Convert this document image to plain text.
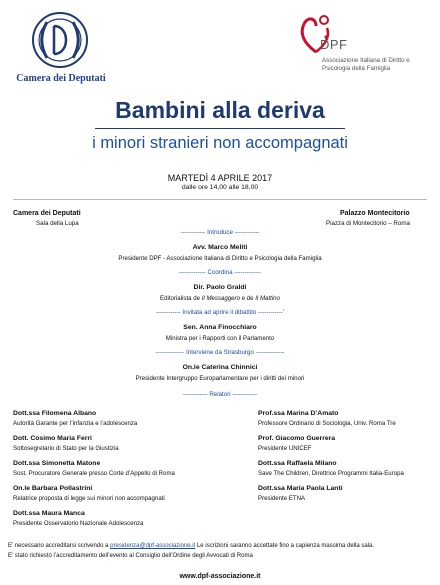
Camera dei Deputati
DPF
Associazione Italiana di Diritto e Psicologia della Famiglia
Bambini alla deriva
i minori stranieri non accompagnati
MARTEDÌ 4 APRILE 2017
dalle ore 14,00 alle 18,00
Camera dei Deputati
Sala della Lupa
Palazzo Montecitorio
Piazza di Montecitorio – Roma
------------ Introduce ------------
Avv. Marco Meliti
Presidente DPF - Associazione Italiana di Diritto e Psicologia della Famiglia
------------- Coordina -------------
Dir. Paolo Graldi
Editorialista de Il Messaggero e de Il Mattino
------------ Invitata ad aprire il dibattito ------------'
Sen. Anna Finocchiaro
Ministra per i Rapporti con il Parlamento
-------------- Interviene da Strasburgo --------------
On.le Caterina Chinnici
Presidente Intergruppo Europarlamentare per i diritti dei minori
------------ Relatori ------------
Dott.ssa Filomena Albano
Autorità Garante per l’infanzia e l’adolescenza
Dott. Cosimo Maria Ferri
Sottosegretario di Stato per la Giustizia
Dott.ssa Simonetta Matone
Sost. Procuratore Generale presso Corte d’Appello di Roma
On.le Barbara Pollastrini
Relatrice proposta di legge sui minori non accompagnati
Dott.ssa Maura Manca
Presidente Osservatorio Nazionale Adolescenza
Prof.ssa Marina D’Amato
Professore Ordinario di Sociologia, Univ. Roma Tre
Prof. Giacomo Guerrera
Presidente UNICEF
Dott.ssa Raffaela Milano
Save The Children, Direttrice Programmi Italia-Europa
Dott.ssa Maria Paola Lanti
Presidente ETNA
E’ necessario accreditarsi scrivendo a presidenza@dpf-associazione.it Le iscrizioni saranno accettate fino a capienza massima della sala.
E’ stato richiesto l’accreditamento dell’evento al Consiglio dell’Ordine degli Avvocati di Roma
www.dpf-associazione.it
